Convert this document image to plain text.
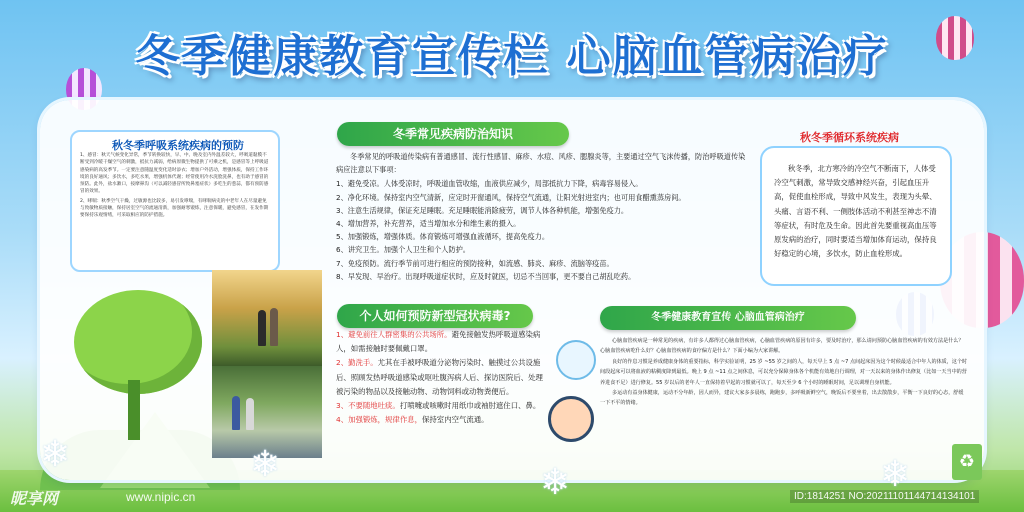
冬季健康教育宣传栏 心脑血管病治疗

1、感冒：秋天气候变化异常，季节转换较快，早、中、晚及室内外温差较大，呼吸道黏膜不断受到冷暖干燥空气的刺激，抵抗力减弱，给病原微生物提供了可乘之机，是感冒等上呼吸道感染病的高发季节。一定要注意随温度变化适时添衣；增加户外活动，增强体质，保持工作环境的良好通风；多饮水，多吃水果，增强机体代谢；经常使用冷水洗脸洗鼻，也有助于感冒的预防。此外，盐水漱口，按摩鼻沟（可以减轻感冒所致鼻塞症状）多吃生的葱蒜，都有预防感冒的效果。

2、哮喘：秋季空气干燥，过敏源也比较多，易引发哮喘，有哮喘病史的中老年人在尽量避免与致敏物质接触，保持居室空气的流通清新，加强耐寒锻炼，注意保暖，避免感冒，在发作期要保持乐观情绪，可采取相应的防护措施。

秋冬季呼吸系统疾病的预防
冬季常见疾病防治知识
冬季常见的呼吸道传染病有普通感冒、流行性感冒、麻疹、水痘、风疹、腮腺炎等，主要通过空气飞沫传播，防治呼吸道传染病应注意以下事项：
1、避免受凉。人体受凉时，呼吸道血管收缩，血液供应减少，局部抵抗力下降，病毒容易侵入。
2、净化环境。保持室内空气清新，应定时开窗通风，保持空气流通，让阳光射进室内；也可用食醋熏蒸房间。
3、注意生活规律，保证充足睡眠。充足睡眠能消除疲劳，调节人体各种机能，增强免疫力。
4、增加营养，补充营养，适当增加水分和维生素的摄入。
5、加强锻炼，增强体质。体育锻炼可增强血液循环，提高免疫力。
6、讲究卫生。加强个人卫生和个人防护。
7、免疫预防。流行季节前可进行相应的预防接种，如流感、肺炎、麻疹、流脑等疫苗。
8、早发现、早治疗。出现呼吸道症状时，应及时就医，切忌不当回事，更不要自己胡乱吃药。
个人如何预防新型冠状病毒?
1、避免前往人群密集的公共场所。避免接触发热呼吸道感染病人，如需接触时要佩戴口罩。
2、勤洗手。尤其在手被呼吸道分泌物污染时、触摸过公共设施后、照顾发热呼吸道感染或呕吐腹泻病人后、探访医院后、处理被污染的物品以及接触动物、动物饲料或动物粪便后。
3、不要随地吐痰。打喷嚏或咳嗽时用纸巾或袖肘遮住口、鼻。
4、加强锻炼，规律作息，保持室内空气流通。
秋冬季，北方寒冷的冷空气不断南下，人体受冷空气刺激，常导致交感神经兴奋，引起血压升高，促使血栓形成，导致中风发生，表现为头晕、头痛、言语不利、一侧肢体活动不利甚至神志不清等症状，有时危及生命。因此首先要重视高血压等原发病的治疗，同时要适当增加体育运动，保持良好稳定的心境，多饮水，防止血栓形成。
秋冬季循环系统疾病
冬季健康教育宣传 心脑血管病治疗

心脑血管疾病是一种常见的疾病，有许多人都得过心脑血管疾病，心脑血管疾病的原因有许多，要及时治疗，那么请问预防心脑血管疾病的有效方法是什么？心脑血管疾病吃什么好？心脑血管疾病的食疗偏方是什么？下面小编为大家讲解。

良好的作息习惯是养成健康身体的重要指标，科学实验证明，25 岁 ~55 岁之间的人，每天早上 5 点 ~7 点间起床因为这个时候最适合中年人的体质，这个时间段起床可以将血液的粘稠度降到最低。晚上 9 点 ~11 点之间休息，可以充分保障身体各个机能有效地自行调理，对一天以来的身体作出修复（比如一天当中的营养进食不足）进行修复。55 岁以后的老年人一直保持着早起的习惯就可以了，每天至少 6 个小时的睡眠时间，足以调理自身机能。

多运动有益身体健康，运动不分年龄，因人而异，建议大家多多晨练，跑跑步，多呼吸新鲜空气，晚饭后不要坐着，出去散散步，平衡一下良好的心态，舒缓一下不平的情绪。

❄	❄	❄	❄	♻
昵享网	www.nipic.cn	ID:1814251 NO:20211101144714134101
